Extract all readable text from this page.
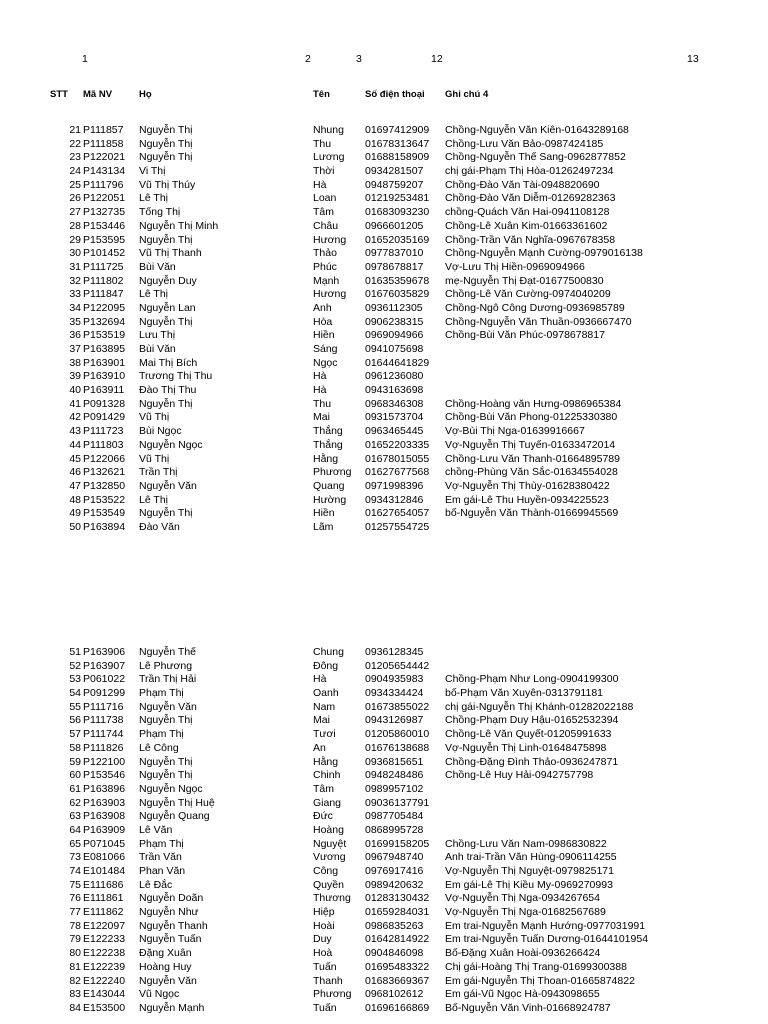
1	2	3	12	13
STT Mã NV	Họ	Tên	Số điện thoại Ghi chú 4
21 P111857 Nguyễn Thị	Nhung 01697412909 Chồng-Nguyễn Văn Kiên-01643289168
22 P111858 Nguyễn Thị	Thu	01678313647 Chồng-Lưu Văn Bảo-0987424185
23 P122021 Nguyễn Thị	Lương 01688158909 Chồng-Nguyễn Thế Sang-0962877852
24 P143134 Vi Thị	Thời	0934281507 chị gái-Phạm Thị Hòa-01262497234
25 P111796 Vũ Thị Thúy	Hà	0948759207 Chồng-Đào Văn Tài-0948820690
26 P122051 Lê Thị	Loan	01219253481 Chồng-Đào Văn Diễm-01269282363
27 P132735 Tống Thị	Tâm	01683093230 chồng-Quách Văn Hai-0941108128
28 P153446 Nguyễn Thị Minh	Châu	0966601205 Chồng-Lê Xuân Kim-01663361602
29 P153595 Nguyễn Thị	Hương 01652035169 Chồng-Trần Văn Nghĩa-0967678358
30 P101452 Vũ Thị Thanh	Thảo	0977837010 Chồng-Nguyễn Mạnh Cường-0979016138
31 P111725 Bùi Văn	Phúc	0978678817 Vợ-Lưu Thị Hiền-0969094966
32 P111802 Nguyễn Duy	Mạnh 01635359678 mẹ-Nguyễn Thị Đạt-01677500830
33 P111847 Lê Thị	Hương 01676035829 Chồng-Lê Văn Cường-0974040209
34 P122095 Nguyễn Lan	Anh	0936112305 Chồng-Ngô Công Dương-0936985789
35 P132694 Nguyễn Thị	Hòa	0906238315 Chồng-Nguyễn Văn Thuần-0936667470
36 P153519 Lưu Thị	Hiền	0969094966 Chồng-Bùi Văn Phúc-0978678817
37 P163895 Bùi Văn	Sáng	0941075698
38 P163901 Mai Thị Bích	Ngọc	01644641829
39 P163910 Trương Thị Thu	Hà	0961236080
40 P163911 Đào Thị Thu	Hà	0943163698
41 P091328 Nguyễn Thị	Thu	0968346308 Chồng-Hoàng văn Hưng-0986965384
42 P091429 Vũ Thị	Mai	0931573704 Chồng-Bùi Văn Phong-01225330380
43 P111723 Bùi Ngọc	Thắng 0963465445 Vợ-Bùi Thị Nga-01639916667
44 P111803 Nguyễn Ngọc	Thắng 01652203335 Vợ-Nguyễn Thị Tuyến-01633472014
45 P122066 Vũ Thị	Hằng	01678015055 Chồng-Lưu Văn Thanh-01664895789
46 P132621 Trần Thị	Phương 01627677568 chồng-Phùng Văn Sắc-01634554028
47 P132850 Nguyễn Văn	Quang 0971998396 Vợ-Nguyễn Thị Thùy-01628380422
48 P153522 Lê Thị	Hường 0934312846 Em gái-Lê Thu Huyền-0934225523
49 P153549 Nguyễn Thị	Hiền	01627654057 bố-Nguyễn Văn Thành-01669945569
50 P163894 Đào Văn	Lãm	01257554725
51 P163906 Nguyễn Thế	Chung 0936128345
52 P163907 Lê Phương	Đông	01205654442
53 P061022 Trần Thị Hải	Hà	0904935983 Chồng-Phạm Như Long-0904199300
54 P091299 Phạm Thị	Oanh	0934334424 bố-Phạm Văn Xuyên-0313791181
55 P111716 Nguyễn Văn	Nam	01673855022 chị gái-Nguyễn Thị Khánh-01282022188
56 P111738 Nguyễn Thị	Mai	0943126987 Chồng-Phạm Duy Hậu-01652532394
57 P111744 Phạm Thị	Tươi	01205860010 Chồng-Lê Văn Quyết-01205991633
58 P111826 Lê Công	An	01676138688 Vợ-Nguyễn Thị Linh-01648475898
59 P122100 Nguyễn Thị	Hằng	0936815651 Chồng-Đặng Đình Thảo-0936247871
60 P153546 Nguyễn Thị	Chinh 0948248486 Chồng-Lê Huy Hải-0942757798
61 P163896 Nguyễn Ngọc	Tâm	0989957102
62 P163903 Nguyễn Thị Huệ	Giang 09036137791
63 P163908 Nguyễn Quang	Đức	0987705484
64 P163909 Lê Văn	Hoàng 0868995728
65 P071045 Phạm Thị	Nguyệt 01699158205 Chồng-Lưu Văn Nam-0986830822
73 E081066 Trần Văn	Vương 0967948740 Anh trai-Trần Văn Hùng-0906114255
74 E101484 Phan Văn	Công	0976917416 Vợ-Nguyễn Thị Nguyệt-0979825171
75 E111686 Lê Đắc	Quyền 0989420632 Em gái-Lê Thị Kiều My-0969270993
76 E111861 Nguyễn Doãn	Thương 01283130432 Vợ-Nguyễn Thị Nga-0934267654
77 E111862 Nguyễn Như	Hiệp	01659284031 Vợ-Nguyễn Thị Nga-01682567689
78 E122097 Nguyễn Thanh	Hoài	0986835263 Em trai-Nguyễn Mạnh Hướng-0977031991
79 E122233 Nguyễn Tuấn	Duy	01642814922 Em trai-Nguyễn Tuấn Dương-01644101954
80 E122238 Đặng Xuân	Hoà	0904846098 Bố-Đặng Xuân Hoài-0936266424
81 E122239 Hoàng Huy	Tuấn	01695483322 Chị gái-Hoàng Thị Trang-01699300388
82 E122240 Nguyễn Văn	Thanh 01683669367 Em gái-Nguyễn Thị Thoan-01665874822
83 E143044 Vũ Ngọc	Phương 0968102612 Em gái-Vũ Ngọc Hà-0943098655
84 E153500 Nguyễn Mạnh	Tuấn	01696166869 Bố-Nguyễn Văn Vinh-01668924787
